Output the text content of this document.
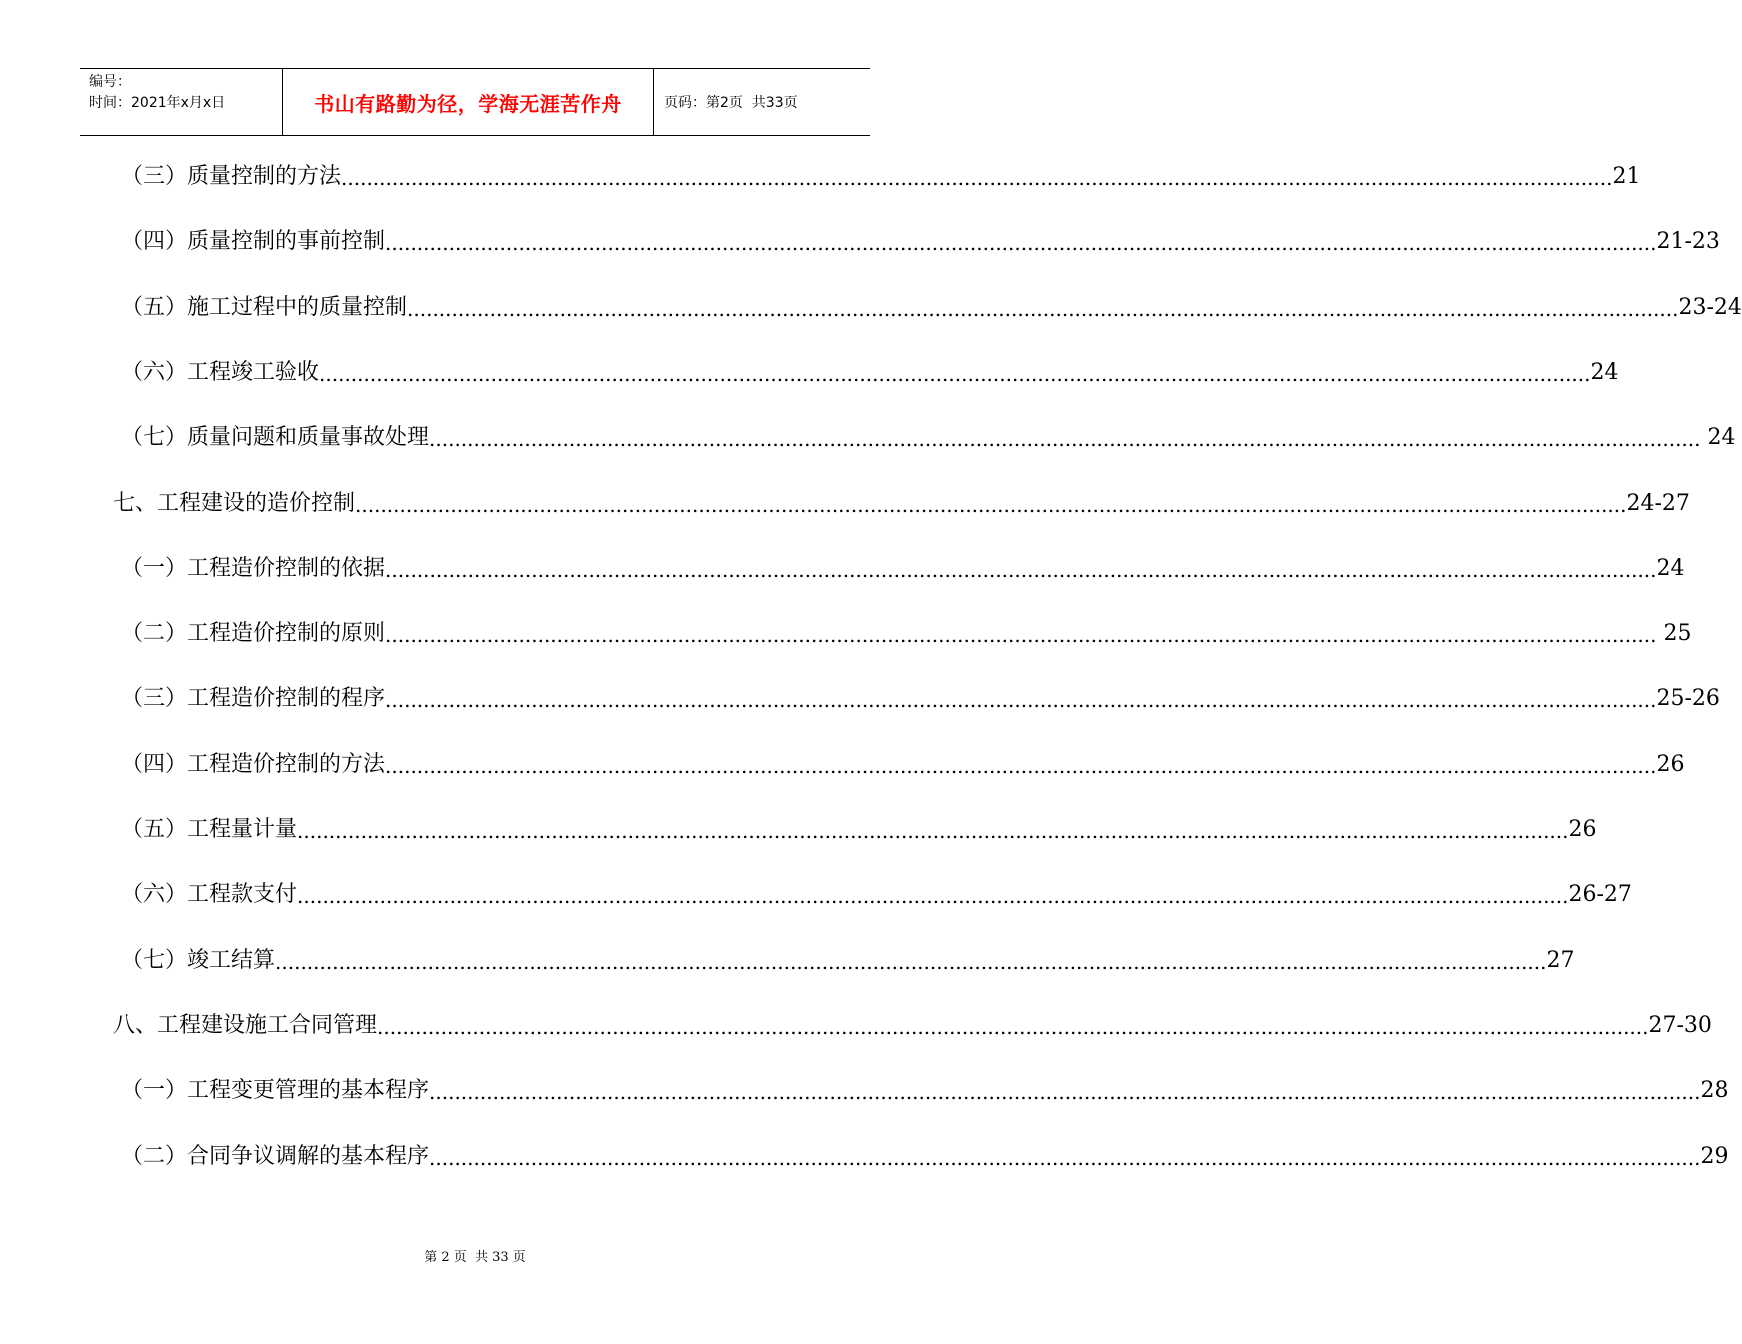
编号：
时间：2021年x月x日	书山有路勤为径，学海无涯苦作舟	页码：第2页  共33页
（三）质量控制的方法 ........................................................................................................................................................................................................ 21
（四）质量控制的事前控制 ........................................................................................................................................................................................................ 21-23
（五）施工过程中的质量控制 ........................................................................................................................................................................................................ 23-24
（六）工程竣工验收 ........................................................................................................................................................................................................ 24
（七）质量问题和质量事故处理 ........................................................................................................................................................................................................ 24
七、工程建设的造价控制 ........................................................................................................................................................................................................ 24-27
（一）工程造价控制的依据 ........................................................................................................................................................................................................ 24
（二）工程造价控制的原则 ........................................................................................................................................................................................................ 25
（三）工程造价控制的程序 ........................................................................................................................................................................................................ 25-26
（四）工程造价控制的方法 ........................................................................................................................................................................................................ 26
（五）工程量计量 ........................................................................................................................................................................................................ 26
（六）工程款支付 ........................................................................................................................................................................................................ 26-27
（七）竣工结算 ........................................................................................................................................................................................................ 27
八、工程建设施工合同管理 ........................................................................................................................................................................................................ 27-30
（一）工程变更管理的基本程序 ........................................................................................................................................................................................................ 28
（二）合同争议调解的基本程序 ........................................................................................................................................................................................................ 29
第 2 页  共 33 页
